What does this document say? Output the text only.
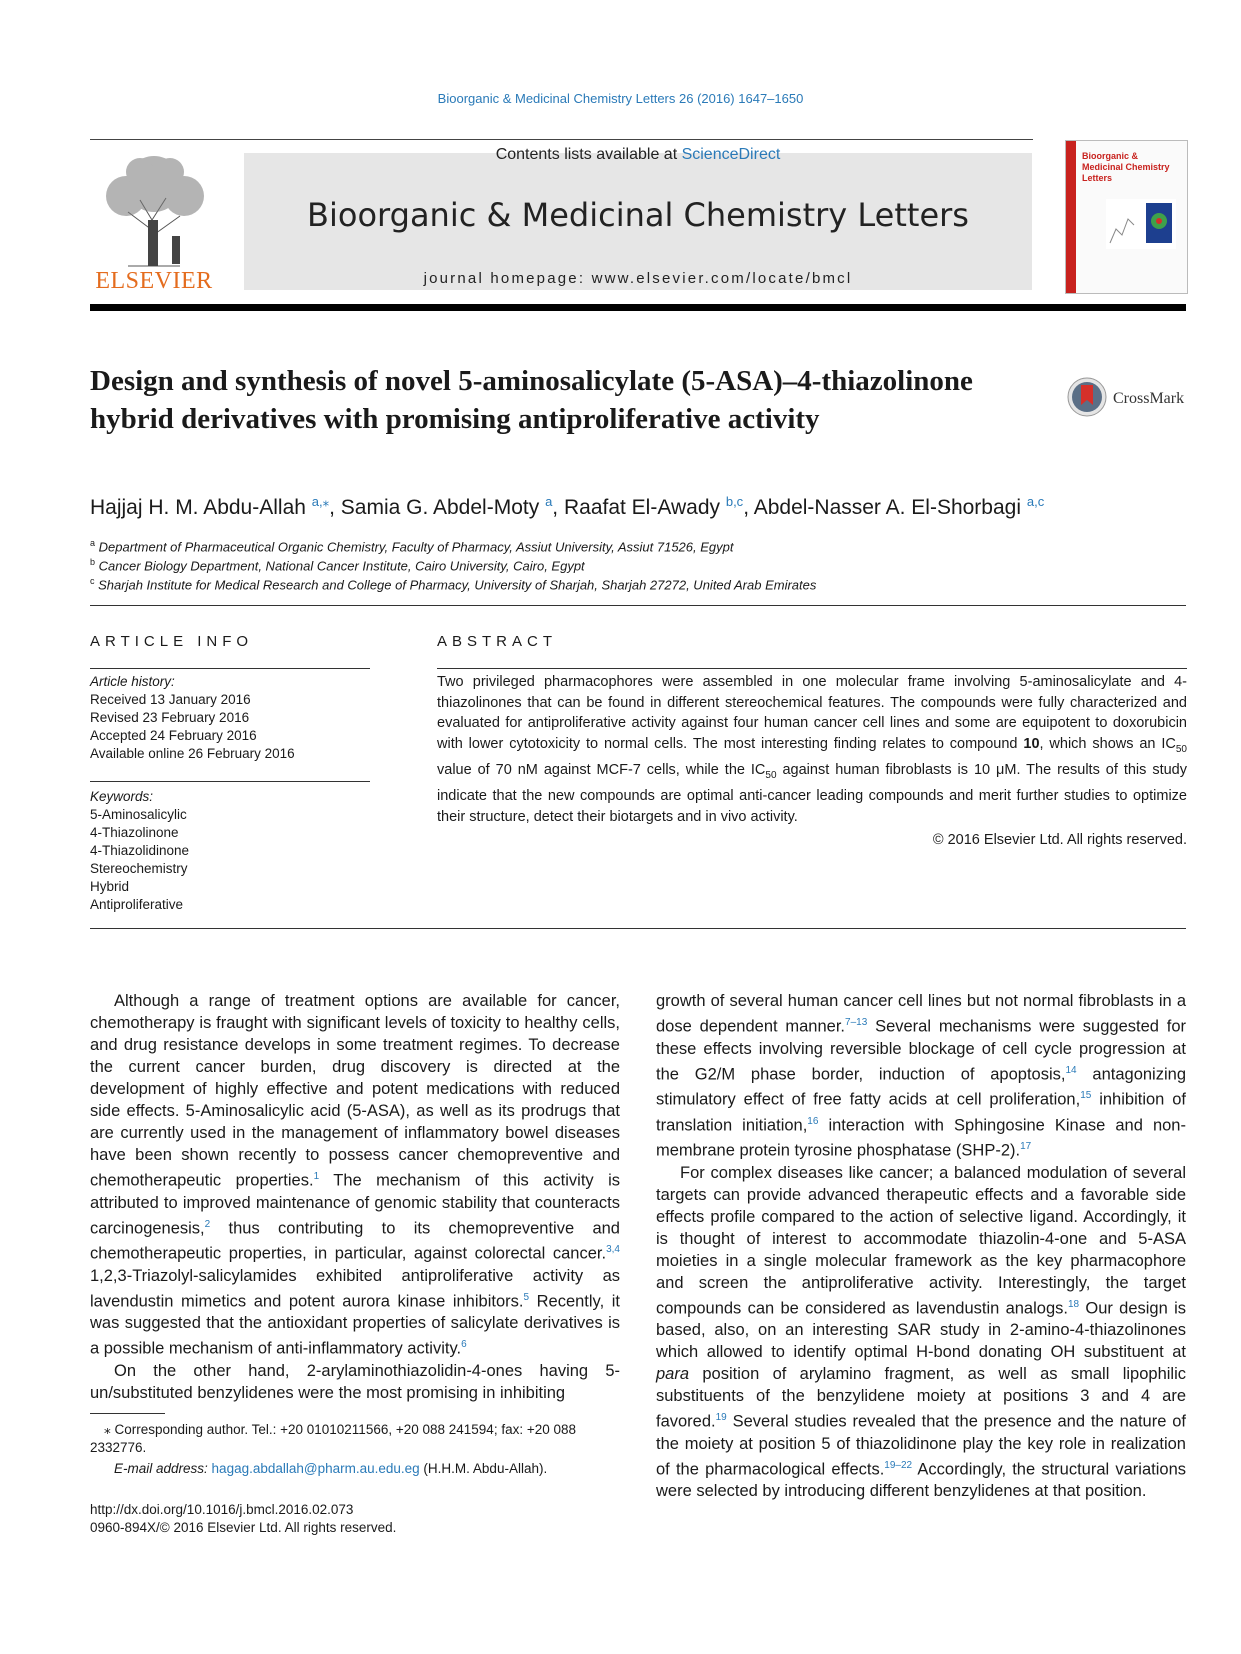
Bioorganic & Medicinal Chemistry Letters 26 (2016) 1647–1650
ELSEVIER
Contents lists available at ScienceDirect
Bioorganic & Medicinal Chemistry Letters
journal homepage: www.elsevier.com/locate/bmcl
Bioorganic & Medicinal Chemistry Letters
Design and synthesis of novel 5-aminosalicylate (5-ASA)–4-thiazolinone hybrid derivatives with promising antiproliferative activity
CrossMark
Hajjaj H. M. Abdu-Allah $^{a,⁎}$, Samia G. Abdel-Moty $^a$, Raafat El-Awady $^{b,c}$, Abdel-Nasser A. El-Shorbagi $^{a,c}$
$^a$ Department of Pharmaceutical Organic Chemistry, Faculty of Pharmacy, Assiut University, Assiut 71526, Egypt
$^b$ Cancer Biology Department, National Cancer Institute, Cairo University, Cairo, Egypt
$^c$ Sharjah Institute for Medical Research and College of Pharmacy, University of Sharjah, Sharjah 27272, United Arab Emirates
ARTICLE INFO
Article history:
Received 13 January 2016
Revised 23 February 2016
Accepted 24 February 2016
Available online 26 February 2016
Keywords:
5-Aminosalicylic
4-Thiazolinone
4-Thiazolidinone
Stereochemistry
Hybrid
Antiproliferative
ABSTRACT
Two privileged pharmacophores were assembled in one molecular frame involving 5-aminosalicylate and 4-thiazolinones that can be found in different stereochemical features. The compounds were fully characterized and evaluated for antiproliferative activity against four human cancer cell lines and some are equipotent to doxorubicin with lower cytotoxicity to normal cells. The most interesting finding relates to compound 10, which shows an $IC_{50}$ value of 70 nM against MCF-7 cells, while the $IC_{50}$ against human fibroblasts is 10 μM. The results of this study indicate that the new compounds are optimal anti-cancer leading compounds and merit further studies to optimize their structure, detect their biotargets and in vivo activity.
© 2016 Elsevier Ltd. All rights reserved.

Although a range of treatment options are available for cancer, chemotherapy is fraught with significant levels of toxicity to healthy cells, and drug resistance develops in some treatment regimes. To decrease the current cancer burden, drug discovery is directed at the development of highly effective and potent medications with reduced side effects. 5-Aminosalicylic acid (5-ASA), as well as its prodrugs that are currently used in the management of inflammatory bowel diseases have been shown recently to possess cancer chemopreventive and chemotherapeutic properties.$^1$ The mechanism of this activity is attributed to improved maintenance of genomic stability that counteracts carcinogenesis,$^2$ thus contributing to its chemopreventive and chemotherapeutic properties, in particular, against colorectal cancer.$^{3,4}$ 1,2,3-Triazolyl-salicylamides exhibited antiproliferative activity as lavendustin mimetics and potent aurora kinase inhibitors.$^5$ Recently, it was suggested that the antioxidant properties of salicylate derivatives is a possible mechanism of anti-inflammatory activity.$^6$

On the other hand, 2-arylaminothiazolidin-4-ones having 5-un/substituted benzylidenes were the most promising in inhibiting

growth of several human cancer cell lines but not normal fibroblasts in a dose dependent manner.$^{7-13}$ Several mechanisms were suggested for these effects involving reversible blockage of cell cycle progression at the G2/M phase border, induction of apoptosis,$^{14}$ antagonizing stimulatory effect of free fatty acids at cell proliferation,$^{15}$ inhibition of translation initiation,$^{16}$ interaction with Sphingosine Kinase and non-membrane protein tyrosine phosphatase (SHP-2).$^{17}$

For complex diseases like cancer; a balanced modulation of several targets can provide advanced therapeutic effects and a favorable side effects profile compared to the action of selective ligand. Accordingly, it is thought of interest to accommodate thiazolin-4-one and 5-ASA moieties in a single molecular framework as the key pharmacophore and screen the antiproliferative activity. Interestingly, the target compounds can be considered as lavendustin analogs.$^{18}$ Our design is based, also, on an interesting SAR study in 2-amino-4-thiazolinones which allowed to identify optimal H-bond donating OH substituent at para position of arylamino fragment, as well as small lipophilic substituents of the benzylidene moiety at positions 3 and 4 are favored.$^{19}$ Several studies revealed that the presence and the nature of the moiety at position 5 of thiazolidinone play the key role in realization of the pharmacological effects.$^{19-22}$ Accordingly, the structural variations were selected by introducing different benzylidenes at that position.

⁎ Corresponding author. Tel.: +20 01010211566, +20 088 241594; fax: +20 088 2332776.
E-mail address: hagag.abdallah@pharm.au.edu.eg (H.H.M. Abdu-Allah).
http://dx.doi.org/10.1016/j.bmcl.2016.02.073
0960-894X/© 2016 Elsevier Ltd. All rights reserved.
